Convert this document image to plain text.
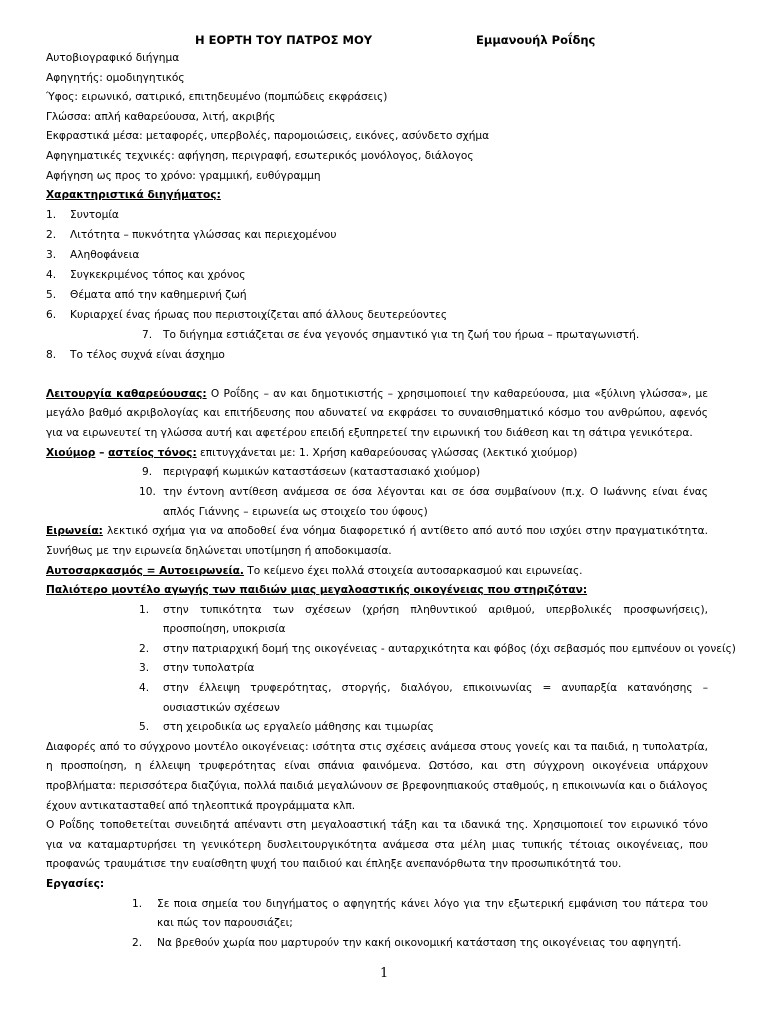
Η ΕΟΡΤΗ ΤΟΥ ΠΑΤΡΟΣ ΜΟΥ	Εμμανουήλ Ροΐδης

Αυτοβιογραφικό διήγημα

Αφηγητής: ομοδιηγητικός

Ύφος: ειρωνικό, σατιρικό, επιτηδευμένο (πομπώδεις εκφράσεις)

Γλώσσα: απλή καθαρεύουσα, λιτή, ακριβής

Εκφραστικά μέσα: μεταφορές, υπερβολές, παρομοιώσεις, εικόνες, ασύνδετο σχήμα

Αφηγηματικές τεχνικές: αφήγηση, περιγραφή, εσωτερικός μονόλογος, διάλογος

Αφήγηση ως προς το χρόνο: γραμμική, ευθύγραμμη

Χαρακτηριστικά διηγήματος:

1. Συντομία
2. Λιτότητα – πυκνότητα γλώσσας και περιεχομένου
3. Αληθοφάνεια
4. Συγκεκριμένος τόπος και χρόνος
5. Θέματα από την καθημερινή ζωή
6. Κυριαρχεί ένας ήρωας που περιστοιχίζεται από άλλους δευτερεύοντες
7. Το διήγημα εστιάζεται σε ένα γεγονός σημαντικό για τη ζωή του ήρωα – πρωταγωνιστή.
8. Το τέλος συχνά είναι άσχημο

Λειτουργία καθαρεύουσας: Ο Ροΐδης – αν και δημοτικιστής – χρησιμοποιεί την καθαρεύουσα, μια «ξύλινη γλώσσα», με μεγάλο βαθμό ακριβολογίας και επιτήδευσης που αδυνατεί να εκφράσει το συναισθηματικό κόσμο του ανθρώπου, αφενός για να ειρωνευτεί τη γλώσσα αυτή και αφετέρου επειδή εξυπηρετεί την ειρωνική του διάθεση και τη σάτιρα γενικότερα.

Χιούμορ – αστείος τόνος: επιτυγχάνεται με: 1. Χρήση καθαρεύουσας γλώσσας (λεκτικό χιούμορ)

9. περιγραφή κωμικών καταστάσεων (καταστασιακό χιούμορ)
10. την έντονη αντίθεση ανάμεσα σε όσα λέγονται και σε όσα συμβαίνουν (π.χ. Ο Ιωάννης είναι ένας απλός Γιάννης – ειρωνεία ως στοιχείο του ύφους)

Ειρωνεία: λεκτικό σχήμα για να αποδοθεί ένα νόημα διαφορετικό ή αντίθετο από αυτό που ισχύει στην πραγματικότητα. Συνήθως με την ειρωνεία δηλώνεται υποτίμηση ή αποδοκιμασία.

Αυτοσαρκασμός = Αυτοειρωνεία. Το κείμενο έχει πολλά στοιχεία αυτοσαρκασμού και ειρωνείας.

Παλιότερο μοντέλο αγωγής των παιδιών μιας μεγαλοαστικής οικογένειας που στηριζόταν:

1. στην τυπικότητα των σχέσεων (χρήση πληθυντικού αριθμού, υπερβολικές προσφωνήσεις), προσποίηση, υποκρισία
2. στην πατριαρχική δομή της οικογένειας - αυταρχικότητα και φόβος (όχι σεβασμός που εμπνέουν οι γονείς)
3. στην τυπολατρία
4. στην έλλειψη τρυφερότητας, στοργής, διαλόγου, επικοινωνίας = ανυπαρξία κατανόησης – ουσιαστικών σχέσεων
5. στη χειροδικία ως εργαλείο μάθησης και τιμωρίας

Διαφορές από το σύγχρονο μοντέλο οικογένειας: ισότητα στις σχέσεις ανάμεσα στους γονείς και τα παιδιά, η τυπολατρία, η προσποίηση, η έλλειψη τρυφερότητας είναι σπάνια φαινόμενα. Ωστόσο, και στη σύγχρονη οικογένεια υπάρχουν προβλήματα: περισσότερα διαζύγια, πολλά παιδιά μεγαλώνουν σε βρεφονηπιακούς σταθμούς, η επικοινωνία και ο διάλογος έχουν αντικατασταθεί από τηλεοπτικά προγράμματα κλπ.

Ο Ροΐδης τοποθετείται συνειδητά απέναντι στη μεγαλοαστική τάξη και τα ιδανικά της. Χρησιμοποιεί τον ειρωνικό τόνο για να καταμαρτυρήσει τη γενικότερη δυσλειτουργικότητα ανάμεσα στα μέλη μιας τυπικής τέτοιας οικογένειας, που προφανώς τραυμάτισε την ευαίσθητη ψυχή του παιδιού και έπληξε ανεπανόρθωτα την προσωπικότητά του.

Εργασίες:

1. Σε ποια σημεία του διηγήματος ο αφηγητής κάνει λόγο για την εξωτερική εμφάνιση του πάτερα του και πώς τον παρουσιάζει;
2. Να βρεθούν χωρία που μαρτυρούν την κακή οικονομική κατάσταση της οικογένειας του αφηγητή.
1
